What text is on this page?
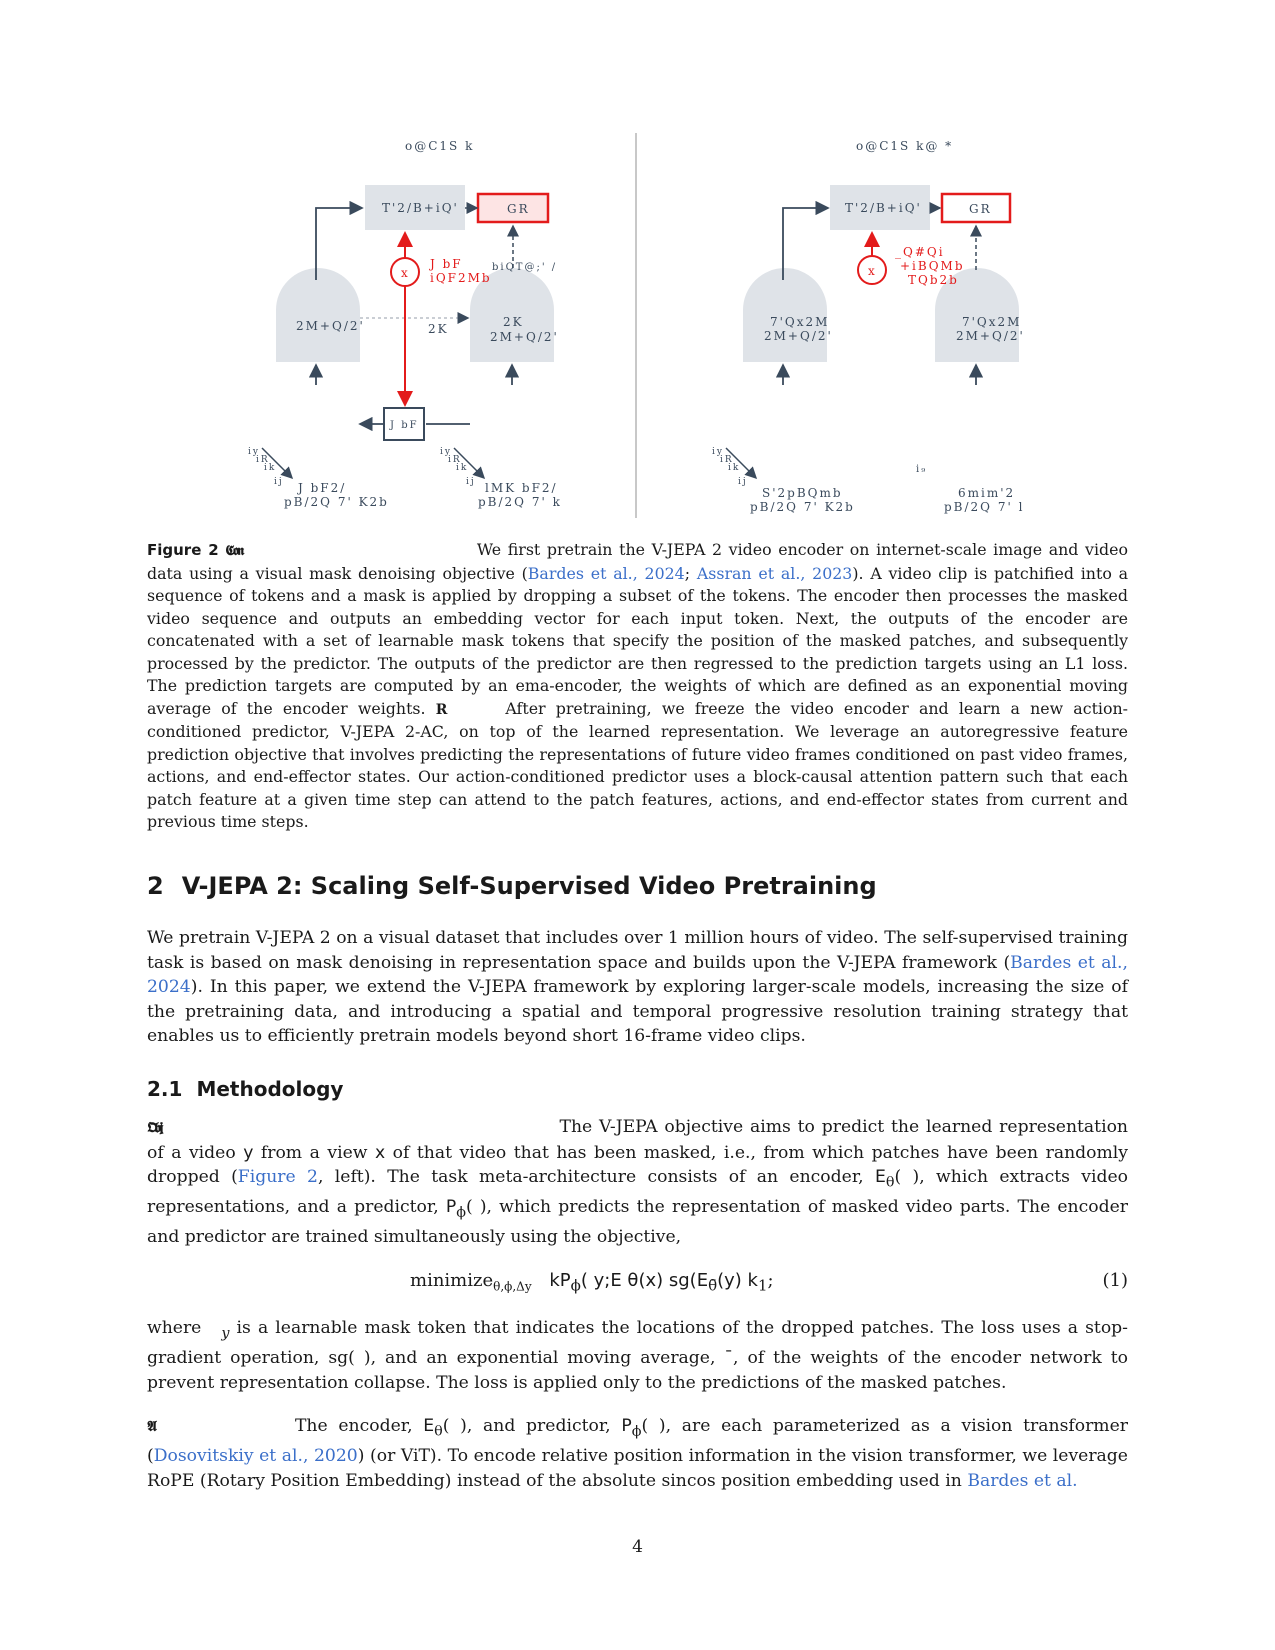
o@C1S k
T'2/B+iQ'	GR
2M+Q/2'	2K
2M+Q/2'
2K
biQT@;' /
x
J bF
iQF2Mb
J bF
iy
iR
ik
ij
iy
iR
ik
ij
J bF2/
pB/2Q 7' K2b
lMK bF2/
pB/2Q 7' k
o@C1S k@ *
T'2/B+iQ'	GR
7'Qx2M
2M+Q/2'
7'Qx2M
2M+Q/2'
x
_Q#Qi
+iBQMb
TQb2b
iy
iR
ik
ij
i₉
S'2pBQmb
pB/2Q 7' K2b
6mim'2
pB/2Q 7' l
Figure 2 𝕮𝖔𝖓	We first pretrain the V-JEPA 2 video encoder on internet-scale image and video data using a visual mask denoising objective (Bardes et al., 2024; Assran et al., 2023). A video clip is patchified into a sequence of tokens and a mask is applied by dropping a subset of the tokens. The encoder then processes the masked video sequence and outputs an embedding vector for each input token. Next, the outputs of the encoder are concatenated with a set of learnable mask tokens that specify the position of the masked patches, and subsequently processed by the predictor. The outputs of the predictor are then regressed to the prediction targets using an L1 loss. The prediction targets are computed by an ema-encoder, the weights of which are defined as an exponential moving average of the encoder weights. R	After pretraining, we freeze the video encoder and learn a new action-conditioned predictor, V-JEPA 2-AC, on top of the learned representation. We leverage an autoregressive feature prediction objective that involves predicting the representations of future video frames conditioned on past video frames, actions, and end-effector states. Our action-conditioned predictor uses a block-causal attention pattern such that each patch feature at a given time step can attend to the patch features, actions, and end-effector states from current and previous time steps.
2 V-JEPA 2: Scaling Self-Supervised Video Pretraining
We pretrain V-JEPA 2 on a visual dataset that includes over 1 million hours of video. The self-supervised training task is based on mask denoising in representation space and builds upon the V-JEPA framework (Bardes et al., 2024). In this paper, we extend the V-JEPA framework by exploring larger-scale models, increasing the size of the pretraining data, and introducing a spatial and temporal progressive resolution training strategy that enables us to efficiently pretrain models beyond short 16-frame video clips.
2.1 Methodology
𝕺𝖇𝖏	The V-JEPA objective aims to predict the learned representation of a video y from a view x of that video that has been masked, i.e., from which patches have been randomly dropped (Figure 2, left). The task meta-architecture consists of an encoder, $E_\theta$( ), which extracts video representations, and a predictor, $P_\phi$( ), which predicts the representation of masked video parts. The encoder and predictor are trained simultaneously using the objective,
minimize$_{\theta,\phi,\Delta y}$ $kP_\phi$( y;E θ(x) $sg(E_{\thetā}(y)$ $k_1$;	(1)
where $_y$ is a learnable mask token that indicates the locations of the dropped patches. The loss uses a stop-gradient operation, sg( ), and an exponential moving average, ¯, of the weights of the encoder network to prevent representation collapse. The loss is applied only to the predictions of the masked patches.
𝕬	The encoder, $E_\theta$( ), and predictor, $P_\phi$( ), are each parameterized as a vision transformer (Dosovitskiy et al., 2020) (or ViT). To encode relative position information in the vision transformer, we leverage RoPE (Rotary Position Embedding) instead of the absolute sincos position embedding used in Bardes et al.
4
